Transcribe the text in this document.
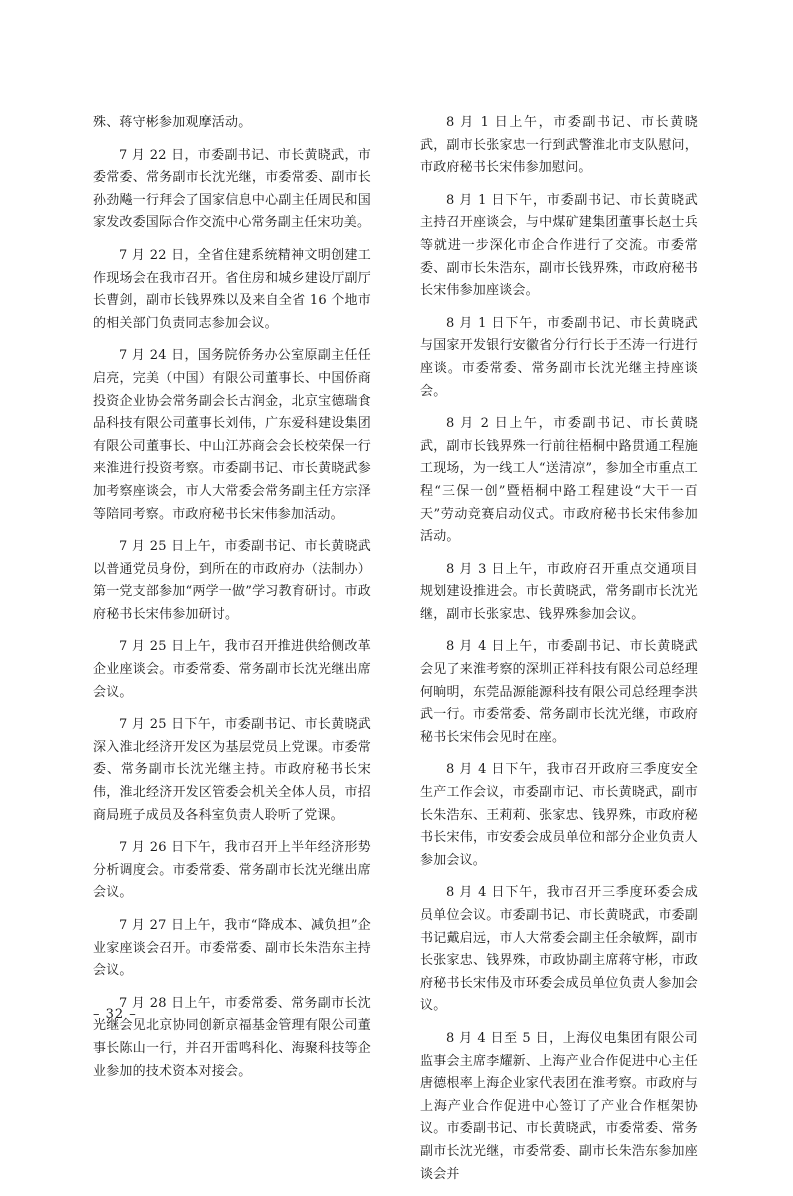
殊、蒋守彬参加观摩活动。

7 月 22 日，市委副书记、市长黄晓武，市委常委、常务副市长沈光继，市委常委、副市长孙劲飚一行拜会了国家信息中心副主任周民和国家发改委国际合作交流中心常务副主任宋功美。

7 月 22 日，全省住建系统精神文明创建工作现场会在我市召开。省住房和城乡建设厅副厅长曹剑，副市长钱界殊以及来自全省 16 个地市的相关部门负责同志参加会议。

7 月 24 日，国务院侨务办公室原副主任任启亮，完美（中国）有限公司董事长、中国侨商投资企业协会常务副会长古润金，北京宝德瑞食品科技有限公司董事长刘伟，广东爱科建设集团有限公司董事长、中山江苏商会会长校荣保一行来淮进行投资考察。市委副书记、市长黄晓武参加考察座谈会，市人大常委会常务副主任方宗泽等陪同考察。市政府秘书长宋伟参加活动。

7 月 25 日上午，市委副书记、市长黄晓武以普通党员身份，到所在的市政府办（法制办）第一党支部参加“两学一做”学习教育研讨。市政府秘书长宋伟参加研讨。

7 月 25 日上午，我市召开推进供给侧改革企业座谈会。市委常委、常务副市长沈光继出席会议。

7 月 25 日下午，市委副书记、市长黄晓武深入淮北经济开发区为基层党员上党课。市委常委、常务副市长沈光继主持。市政府秘书长宋伟，淮北经济开发区管委会机关全体人员，市招商局班子成员及各科室负责人聆听了党课。

7 月 26 日下午，我市召开上半年经济形势分析调度会。市委常委、常务副市长沈光继出席会议。

7 月 27 日上午，我市“降成本、减负担”企业家座谈会召开。市委常委、副市长朱浩东主持会议。

7 月 28 日上午，市委常委、常务副市长沈光继会见北京协同创新京福基金管理有限公司董事长陈山一行，并召开雷鸣科化、海聚科技等企业参加的技术资本对接会。

8 月 1 日上午，市委副书记、市长黄晓武，副市长张家忠一行到武警淮北市支队慰问，市政府秘书长宋伟参加慰问。

8 月 1 日下午，市委副书记、市长黄晓武主持召开座谈会，与中煤矿建集团董事长赵士兵等就进一步深化市企合作进行了交流。市委常委、副市长朱浩东，副市长钱界殊，市政府秘书长宋伟参加座谈会。

8 月 1 日下午，市委副书记、市长黄晓武与国家开发银行安徽省分行行长于丕涛一行进行座谈。市委常委、常务副市长沈光继主持座谈会。

8 月 2 日上午，市委副书记、市长黄晓武，副市长钱界殊一行前往梧桐中路贯通工程施工现场，为一线工人“送清凉”，参加全市重点工程“三保一创”暨梧桐中路工程建设“大干一百天”劳动竞赛启动仪式。市政府秘书长宋伟参加活动。

8 月 3 日上午，市政府召开重点交通项目规划建设推进会。市长黄晓武，常务副市长沈光继，副市长张家忠、钱界殊参加会议。

8 月 4 日上午，市委副书记、市长黄晓武会见了来淮考察的深圳正祥科技有限公司总经理何晌明，东莞品源能源科技有限公司总经理李洪武一行。市委常委、常务副市长沈光继，市政府秘书长宋伟会见时在座。

8 月 4 日下午，我市召开政府三季度安全生产工作会议，市委副市记、市长黄晓武，副市长朱浩东、王莉莉、张家忠、钱界殊，市政府秘书长宋伟，市安委会成员单位和部分企业负责人参加会议。

8 月 4 日下午，我市召开三季度环委会成员单位会议。市委副书记、市长黄晓武，市委副书记戴启远，市人大常委会副主任余敏辉，副市长张家忠、钱界殊，市政协副主席蒋守彬，市政府秘书长宋伟及市环委会成员单位负责人参加会议。

8 月 4 日至 5 日，上海仪电集团有限公司监事会主席李耀新、上海产业合作促进中心主任唐德根率上海企业家代表团在淮考察。市政府与上海产业合作促进中心签订了产业合作框架协议。市委副书记、市长黄晓武，市委常委、常务副市长沈光继，市委常委、副市长朱浩东参加座谈会并

– 32 –
